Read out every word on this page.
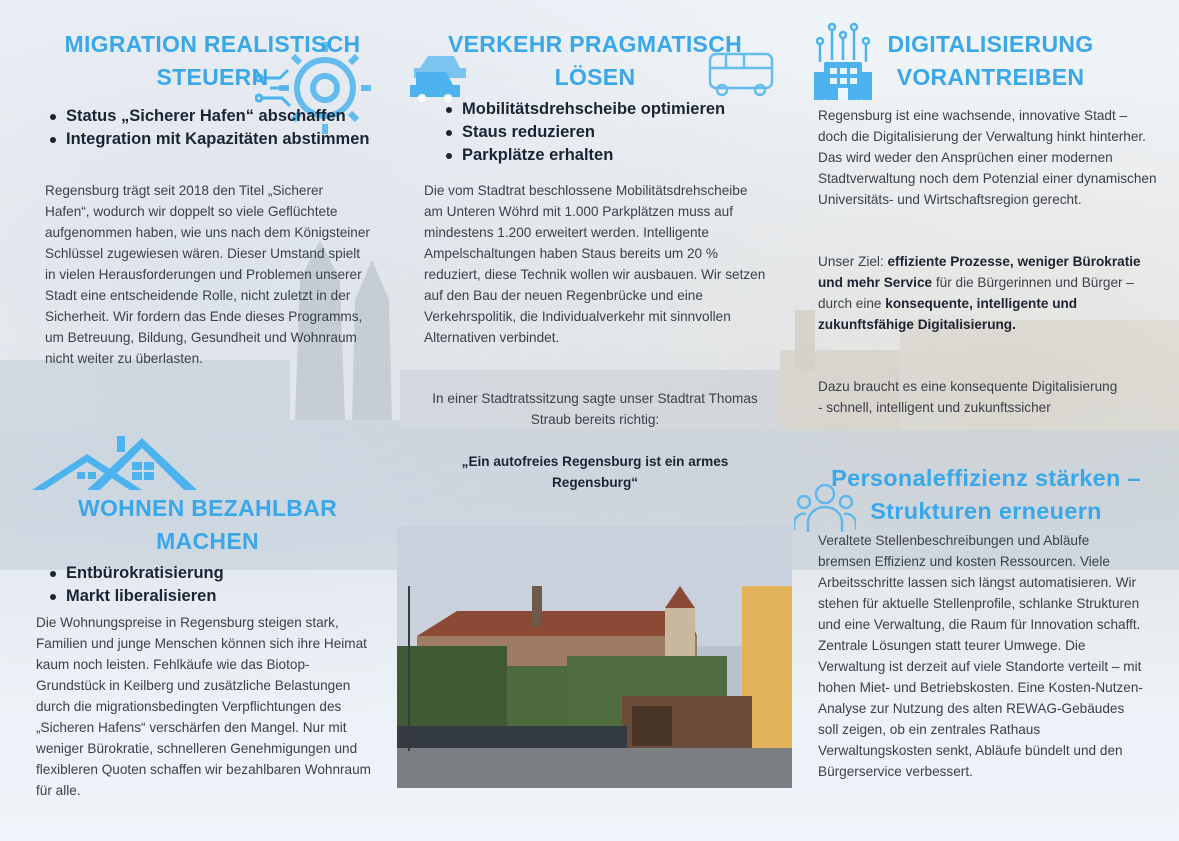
MIGRATION REALISTISCH STEUERN
Status „Sicherer Hafen“ abschaffen
Integration mit Kapazitäten abstimmen

Regensburg trägt seit 2018 den Titel „Sicherer Hafen“, wodurch wir doppelt so viele Geflüchtete aufgenommen haben, wie uns nach dem Königsteiner Schlüssel zugewiesen wären. Dieser Umstand spielt in vielen Herausforderungen und Problemen unserer Stadt eine entscheidende Rolle, nicht zuletzt in der Sicherheit. Wir fordern das Ende dieses Programms, um Betreuung, Bildung, Gesundheit und Wohnraum nicht weiter zu überlasten.

WOHNEN BEZAHLBAR MACHEN
Entbürokratisierung
Markt liberalisieren

Die Wohnungspreise in Regensburg steigen stark, Familien und junge Menschen können sich ihre Heimat kaum noch leisten. Fehlkäufe wie das Biotop-Grundstück in Keilberg und zusätzliche Belastungen durch die migrationsbedingten Verpflichtungen des „Sicheren Hafens“ verschärfen den Mangel. Nur mit weniger Bürokratie, schnelleren Genehmigungen und flexibleren Quoten schaffen wir bezahlbaren Wohnraum für alle.

VERKEHR PRAGMATISCH LÖSEN
Mobilitätsdrehscheibe optimieren
Staus reduzieren
Parkplätze erhalten

Die vom Stadtrat beschlossene Mobilitätsdrehscheibe am Unteren Wöhrd mit 1.000 Parkplätzen muss auf mindestens 1.200 erweitert werden. Intelligente Ampelschaltungen haben Staus bereits um 20 % reduziert, diese Technik wollen wir ausbauen. Wir setzen auf den Bau der neuen Regenbrücke und eine Verkehrspolitik, die Individualverkehr mit sinnvollen Alternativen verbindet.

In einer Stadtratssitzung sagte unser Stadtrat Thomas Straub bereits richtig:

„Ein autofreies Regensburg ist ein armes Regensburg“

DIGITALISIERUNG VORANTREIBEN

Regensburg ist eine wachsende, innovative Stadt – doch die Digitalisierung der Verwaltung hinkt hinterher. Das wird weder den Ansprüchen einer modernen Stadtverwaltung noch dem Potenzial einer dynamischen Universitäts- und Wirtschaftsregion gerecht.

Unser Ziel: effiziente Prozesse, weniger Bürokratie und mehr Service für die Bürgerinnen und Bürger – durch eine konsequente, intelligente und zukunftsfähige Digitalisierung.

Dazu braucht es eine konsequente Digitalisierung - schnell, intelligent und zukunftssicher

Personaleffizienz stärken – Strukturen erneuern

Veraltete Stellenbeschreibungen und Abläufe bremsen Effizienz und kosten Ressourcen. Viele Arbeitsschritte lassen sich längst automatisieren. Wir stehen für aktuelle Stellenprofile, schlanke Strukturen und eine Verwaltung, die Raum für Innovation schafft. Zentrale Lösungen statt teurer Umwege. Die Verwaltung ist derzeit auf viele Standorte verteilt – mit hohen Miet- und Betriebskosten. Eine Kosten-Nutzen-Analyse zur Nutzung des alten REWAG-Gebäudes soll zeigen, ob ein zentrales Rathaus Verwaltungskosten senkt, Abläufe bündelt und den Bürgerservice verbessert.
